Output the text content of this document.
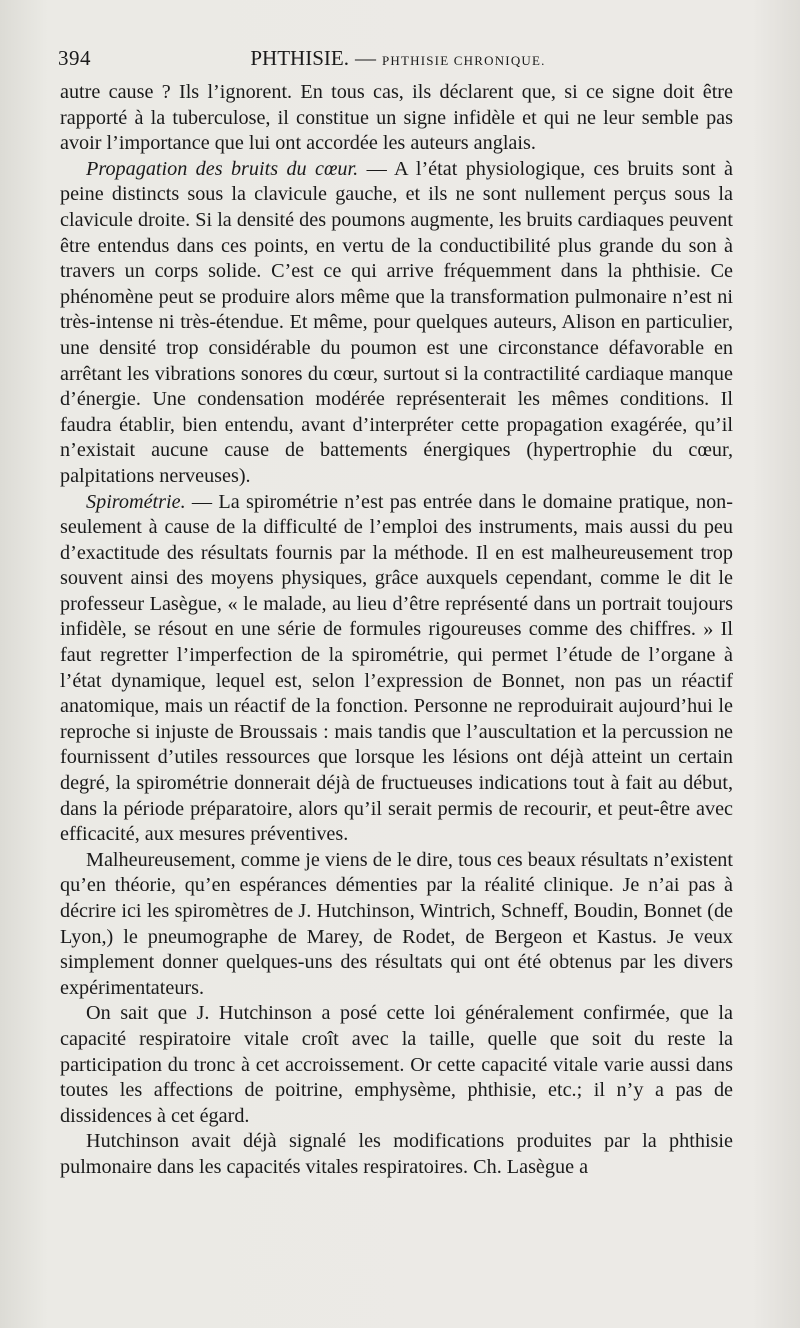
394	PHTHISIE. — PHTHISIE CHRONIQUE.

autre cause ? Ils l’ignorent. En tous cas, ils déclarent que, si ce signe doit être rapporté à la tuberculose, il constitue un signe infidèle et qui ne leur semble pas avoir l’importance que lui ont accordée les auteurs anglais.

Propagation des bruits du cœur. — A l’état physiologique, ces bruits sont à peine distincts sous la clavicule gauche, et ils ne sont nullement perçus sous la clavicule droite. Si la densité des poumons augmente, les bruits cardiaques peuvent être entendus dans ces points, en vertu de la conductibilité plus grande du son à travers un corps solide. C’est ce qui arrive fréquemment dans la phthisie. Ce phénomène peut se produire alors même que la transformation pulmonaire n’est ni très-intense ni très-étendue. Et même, pour quelques auteurs, Alison en particulier, une densité trop considérable du poumon est une circonstance défavorable en arrêtant les vibrations sonores du cœur, surtout si la contractilité cardiaque manque d’énergie. Une condensation modérée représenterait les mêmes conditions. Il faudra établir, bien entendu, avant d’interpréter cette propagation exagérée, qu’il n’existait aucune cause de battements énergiques (hypertrophie du cœur, palpitations nerveuses).

Spirométrie. — La spirométrie n’est pas entrée dans le domaine pratique, non-seulement à cause de la difficulté de l’emploi des instruments, mais aussi du peu d’exactitude des résultats fournis par la méthode. Il en est malheureusement trop souvent ainsi des moyens physiques, grâce auxquels cependant, comme le dit le professeur Lasègue, « le malade, au lieu d’être représenté dans un portrait toujours infidèle, se résout en une série de formules rigoureuses comme des chiffres. » Il faut regretter l’imperfection de la spirométrie, qui permet l’étude de l’organe à l’état dynamique, lequel est, selon l’expression de Bonnet, non pas un réactif anatomique, mais un réactif de la fonction. Personne ne reproduirait aujourd’hui le reproche si injuste de Broussais : mais tandis que l’auscultation et la percussion ne fournissent d’utiles ressources que lorsque les lésions ont déjà atteint un certain degré, la spirométrie donnerait déjà de fructueuses indications tout à fait au début, dans la période préparatoire, alors qu’il serait permis de recourir, et peut-être avec efficacité, aux mesures préventives.

Malheureusement, comme je viens de le dire, tous ces beaux résultats n’existent qu’en théorie, qu’en espérances démenties par la réalité clinique. Je n’ai pas à décrire ici les spiromètres de J. Hutchinson, Wintrich, Schneff, Boudin, Bonnet (de Lyon,) le pneumographe de Marey, de Rodet, de Bergeon et Kastus. Je veux simplement donner quelques-uns des résultats qui ont été obtenus par les divers expérimentateurs.

On sait que J. Hutchinson a posé cette loi généralement confirmée, que la capacité respiratoire vitale croît avec la taille, quelle que soit du reste la participation du tronc à cet accroissement. Or cette capacité vitale varie aussi dans toutes les affections de poitrine, emphysème, phthisie, etc.; il n’y a pas de dissidences à cet égard.

Hutchinson avait déjà signalé les modifications produites par la phthisie pulmonaire dans les capacités vitales respiratoires. Ch. Lasègue a
